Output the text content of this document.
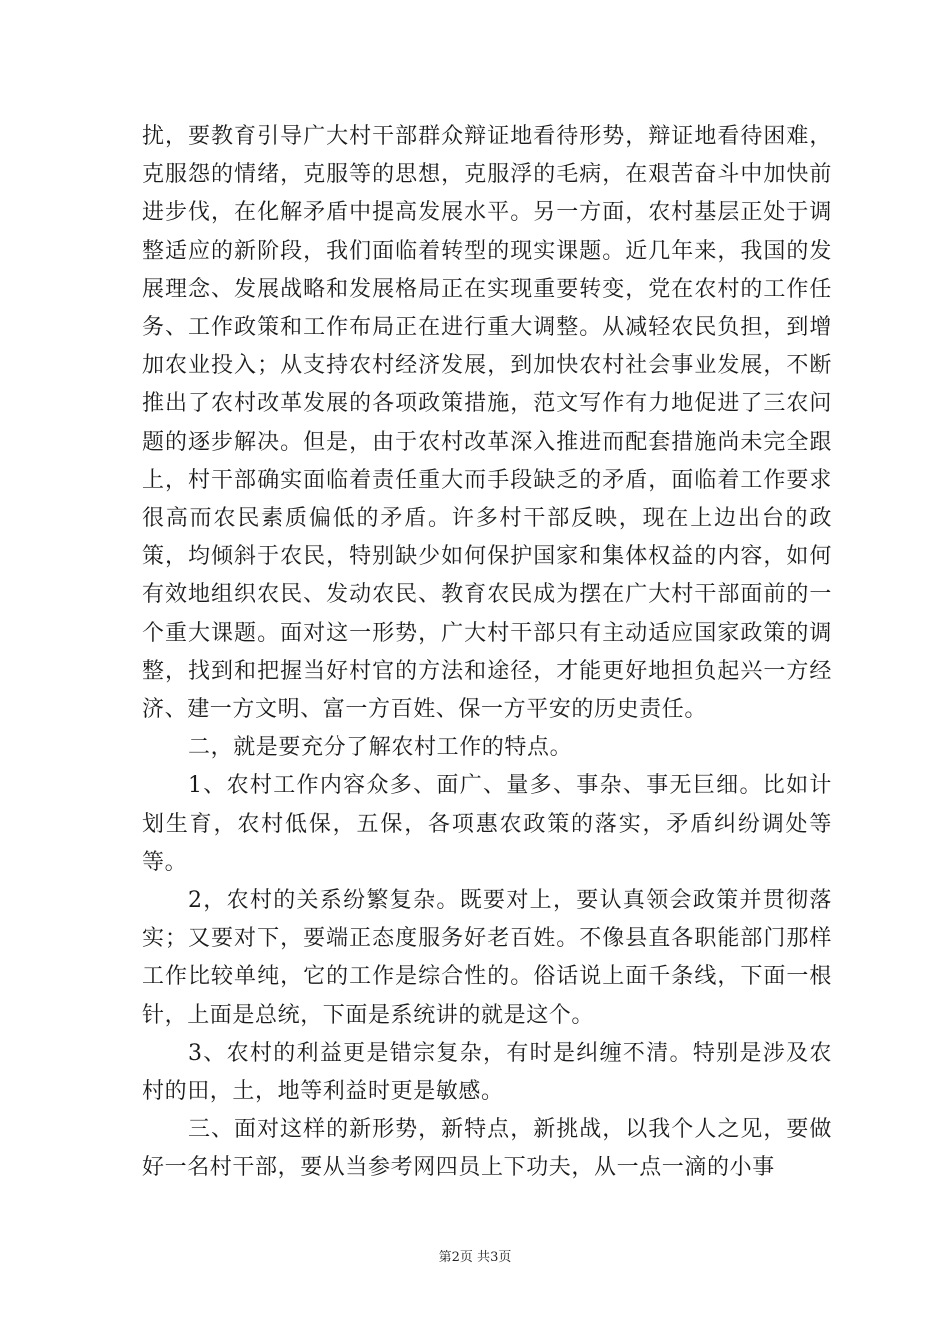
扰，要教育引导广大村干部群众辩证地看待形势，辩证地看待困难，克服怨的情绪，克服等的思想，克服浮的毛病，在艰苦奋斗中加快前进步伐，在化解矛盾中提高发展水平。另一方面，农村基层正处于调整适应的新阶段，我们面临着转型的现实课题。近几年来，我国的发展理念、发展战略和发展格局正在实现重要转变，党在农村的工作任务、工作政策和工作布局正在进行重大调整。从减轻农民负担，到增加农业投入；从支持农村经济发展，到加快农村社会事业发展，不断推出了农村改革发展的各项政策措施，范文写作有力地促进了三农问题的逐步解决。但是，由于农村改革深入推进而配套措施尚未完全跟上，村干部确实面临着责任重大而手段缺乏的矛盾，面临着工作要求很高而农民素质偏低的矛盾。许多村干部反映，现在上边出台的政策，均倾斜于农民，特别缺少如何保护国家和集体权益的内容，如何有效地组织农民、发动农民、教育农民成为摆在广大村干部面前的一个重大课题。面对这一形势，广大村干部只有主动适应国家政策的调整，找到和把握当好村官的方法和途径，才能更好地担负起兴一方经济、建一方文明、富一方百姓、保一方平安的历史责任。

二，就是要充分了解农村工作的特点。

1、农村工作内容众多、面广、量多、事杂、事无巨细。比如计划生育，农村低保，五保，各项惠农政策的落实，矛盾纠纷调处等等。

2，农村的关系纷繁复杂。既要对上，要认真领会政策并贯彻落实；又要对下，要端正态度服务好老百姓。不像县直各职能部门那样工作比较单纯，它的工作是综合性的。俗话说上面千条线，下面一根针，上面是总统，下面是系统讲的就是这个。

3、农村的利益更是错宗复杂，有时是纠缠不清。特别是涉及农村的田，土，地等利益时更是敏感。

三、面对这样的新形势，新特点，新挑战，以我个人之见，要做好一名村干部，要从当参考网四员上下功夫，从一点一滴的小事

第2页 共3页
